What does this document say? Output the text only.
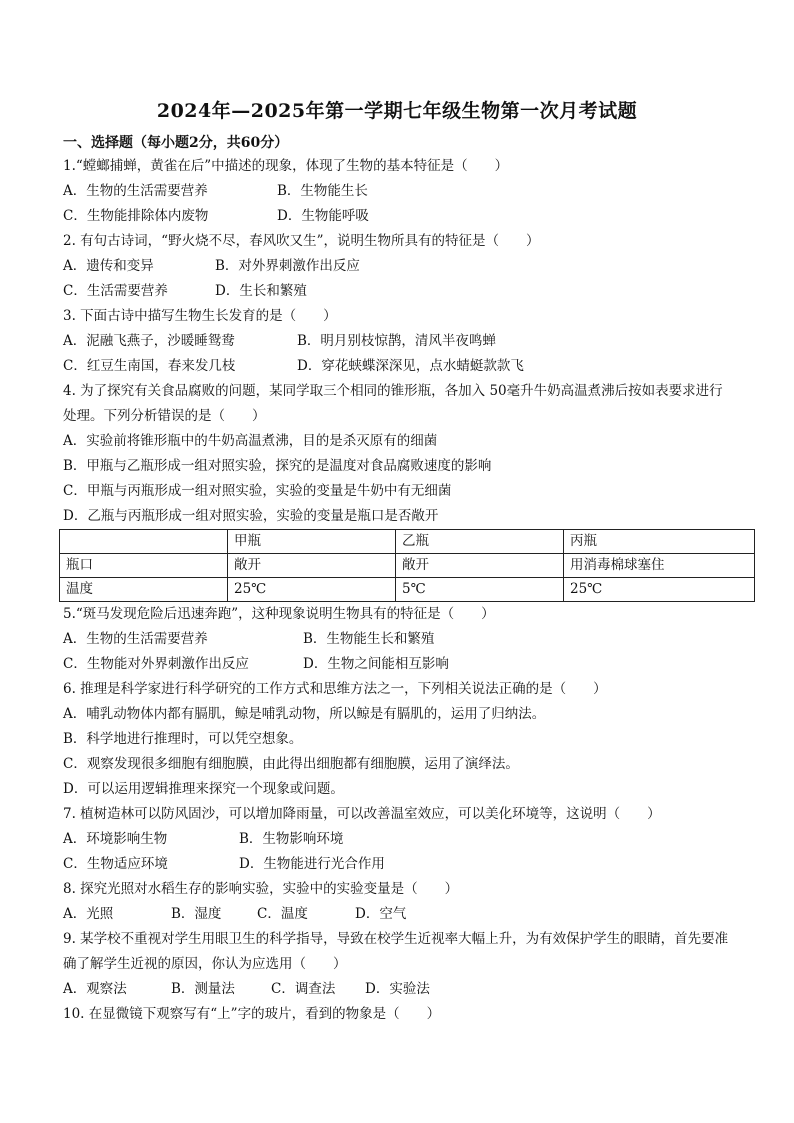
2024年—2025年第一学期七年级生物第一次月考试题
一、选择题（每小题2分，共60分）
1.“螳螂捕蝉，黄雀在后”中描述的现象，体现了生物的基本特征是（　　）
A．生物的生活需要营养	B．生物能生长
C．生物能排除体内废物	D．生物能呼吸
2. 有句古诗词，“野火烧不尽，春风吹又生”，说明生物所具有的特征是（　　）
A．遗传和变异	B．对外界刺激作出反应
C．生活需要营养	D．生长和繁殖
3. 下面古诗中描写生物生长发育的是（　　）
A．泥融飞燕子，沙暖睡鸳鸯	B．明月别枝惊鹊，清风半夜鸣蝉
C．红豆生南国，春来发几枝	D．穿花蛱蝶深深见，点水蜻蜓款款飞
4. 为了探究有关食品腐败的问题，某同学取三个相同的锥形瓶，各加入 50毫升牛奶高温煮沸后按如表要求进行处理。下列分析错误的是（　　）
A．实验前将锥形瓶中的牛奶高温煮沸，目的是杀灭原有的细菌
B．甲瓶与乙瓶形成一组对照实验，探究的是温度对食品腐败速度的影响
C．甲瓶与丙瓶形成一组对照实验，实验的变量是牛奶中有无细菌
D．乙瓶与丙瓶形成一组对照实验，实验的变量是瓶口是否敞开
	甲瓶	乙瓶	丙瓶
瓶口	敞开	敞开	用消毒棉球塞住
温度	25℃	5℃	25℃
5.“斑马发现危险后迅速奔跑”，这种现象说明生物具有的特征是（　　）
A．生物的生活需要营养	B．生物能生长和繁殖
C．生物能对外界刺激作出反应	D．生物之间能相互影响
6. 推理是科学家进行科学研究的工作方式和思维方法之一，下列相关说法正确的是（　　）
A．哺乳动物体内都有膈肌，鲸是哺乳动物，所以鲸是有膈肌的，运用了归纳法。
B．科学地进行推理时，可以凭空想象。
C．观察发现很多细胞有细胞膜，由此得出细胞都有细胞膜，运用了演绎法。
D．可以运用逻辑推理来探究一个现象或问题。
7. 植树造林可以防风固沙，可以增加降雨量，可以改善温室效应，可以美化环境等，这说明（　　）
A．环境影响生物	B．生物影响环境
C．生物适应环境	D．生物能进行光合作用
8. 探究光照对水稻生存的影响实验，实验中的实验变量是（　　）
A．光照	B．湿度	C．温度	D．空气
9. 某学校不重视对学生用眼卫生的科学指导，导致在校学生近视率大幅上升，为有效保护学生的眼睛，首先要准确了解学生近视的原因，你认为应选用（　　）
A．观察法	B．测量法	C．调查法	D．实验法
10. 在显微镜下观察写有“上”字的玻片，看到的物象是（　　）
